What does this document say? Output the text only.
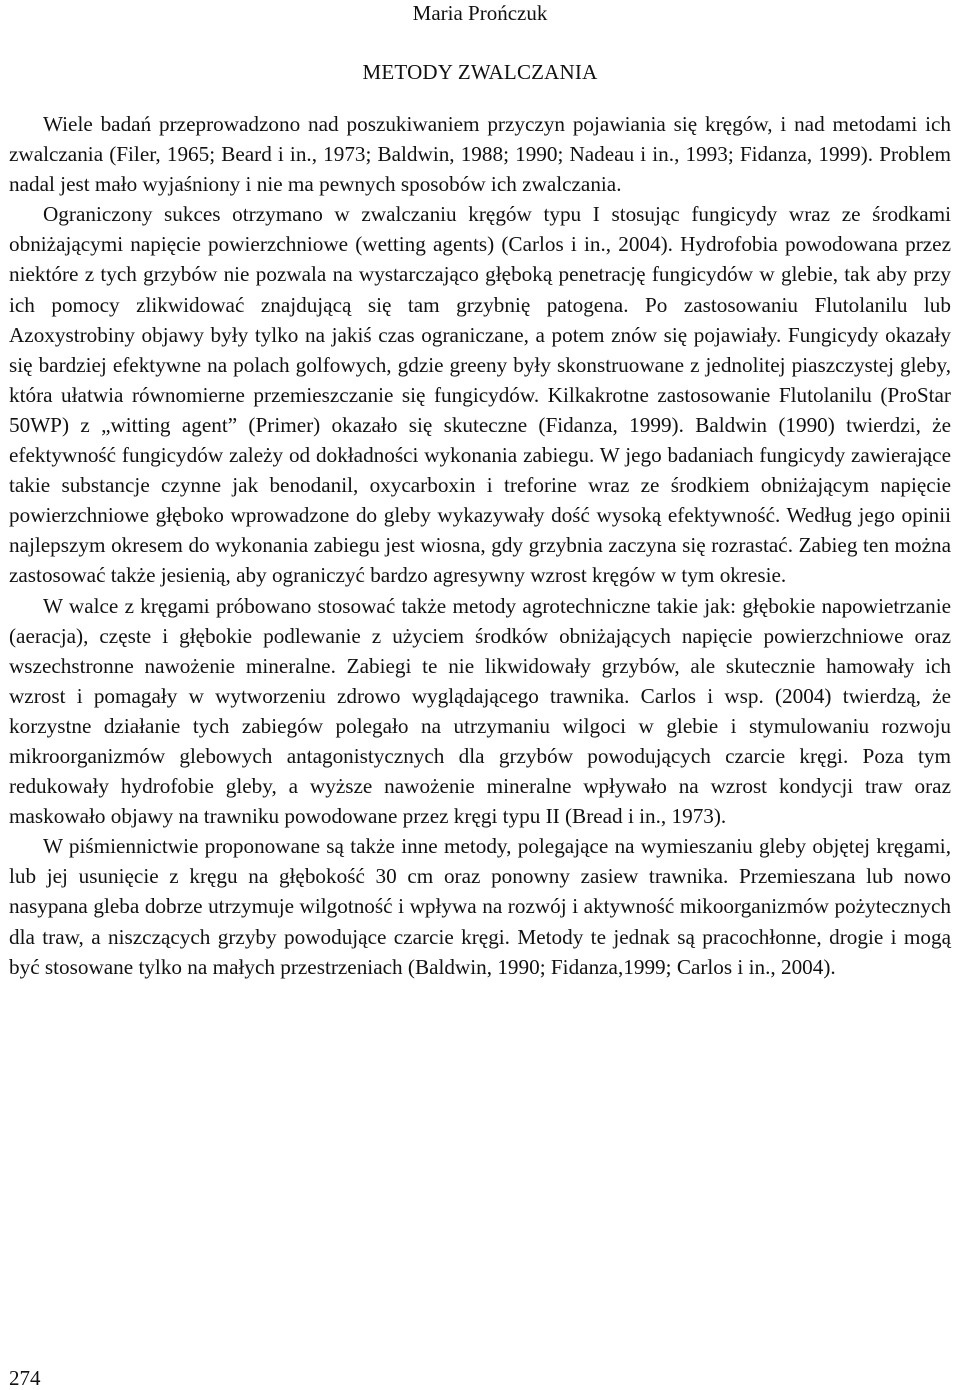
Maria Prończuk
METODY ZWALCZANIA

Wiele badań przeprowadzono nad poszukiwaniem przyczyn pojawiania się kręgów, i nad metodami ich zwalczania (Filer, 1965; Beard i in., 1973; Baldwin, 1988; 1990; Nadeau i in., 1993; Fidanza, 1999). Problem nadal jest mało wyjaśniony i nie ma pewnych sposobów ich zwalczania.

Ograniczony sukces otrzymano w zwalczaniu kręgów typu I stosując fungicydy wraz ze środkami obniżającymi napięcie powierzchniowe (wetting agents) (Carlos i in., 2004). Hydrofobia powodowana przez niektóre z tych grzybów nie pozwala na wystarczająco głęboką penetrację fungicydów w glebie, tak aby przy ich pomocy zlikwidować znajdującą się tam grzybnię patogena. Po zastosowaniu Flutolanilu lub Azoxystrobiny objawy były tylko na jakiś czas ograniczane, a potem znów się pojawiały. Fungicydy okazały się bardziej efektywne na polach golfowych, gdzie greeny były skonstruowane z jednolitej piaszczystej gleby, która ułatwia równomierne przemieszczanie się fungicydów. Kilkakrotne zastosowanie Flutolanilu (ProStar 50WP) z „witting agent” (Primer) okazało się skuteczne (Fidanza, 1999). Baldwin (1990) twierdzi, że efektywność fungicydów zależy od dokładności wykonania zabiegu. W jego badaniach fungicydy zawierające takie substancje czynne jak benodanil, oxycarboxin i treforine wraz ze środkiem obniżającym napięcie powierzchniowe głęboko wprowadzone do gleby wykazywały dość wysoką efektywność. Według jego opinii najlepszym okresem do wykonania zabiegu jest wiosna, gdy grzybnia zaczyna się rozrastać. Zabieg ten można zastosować także jesienią, aby ograniczyć bardzo agresywny wzrost kręgów w tym okresie.

W walce z kręgami próbowano stosować także metody agrotechniczne takie jak: głębokie napowietrzanie (aeracja), częste i głębokie podlewanie z użyciem środków obniżających napięcie powierzchniowe oraz wszechstronne nawożenie mineralne. Zabiegi te nie likwidowały grzybów, ale skutecznie hamowały ich wzrost i pomagały w wytworzeniu zdrowo wyglądającego trawnika. Carlos i wsp. (2004) twierdzą, że korzystne działanie tych zabiegów polegało na utrzymaniu wilgoci w glebie i stymulowaniu rozwoju mikroorganizmów glebowych antagonistycznych dla grzybów powodujących czarcie kręgi. Poza tym redukowały hydrofobie gleby, a wyższe nawożenie mineralne wpływało na wzrost kondycji traw oraz maskowało objawy na trawniku powodowane przez kręgi typu II (Bread i in., 1973).

W piśmiennictwie proponowane są także inne metody, polegające na wymieszaniu gleby objętej kręgami, lub jej usunięcie z kręgu na głębokość 30 cm oraz ponowny zasiew trawnika. Przemieszana lub nowo nasypana gleba dobrze utrzymuje wilgotność i wpływa na rozwój i aktywność mikoorganizmów pożytecznych dla traw, a niszczących grzyby powodujące czarcie kręgi. Metody te jednak są pracochłonne, drogie i mogą być stosowane tylko na małych przestrzeniach (Baldwin, 1990; Fidanza,1999; Carlos i in., 2004).

274
